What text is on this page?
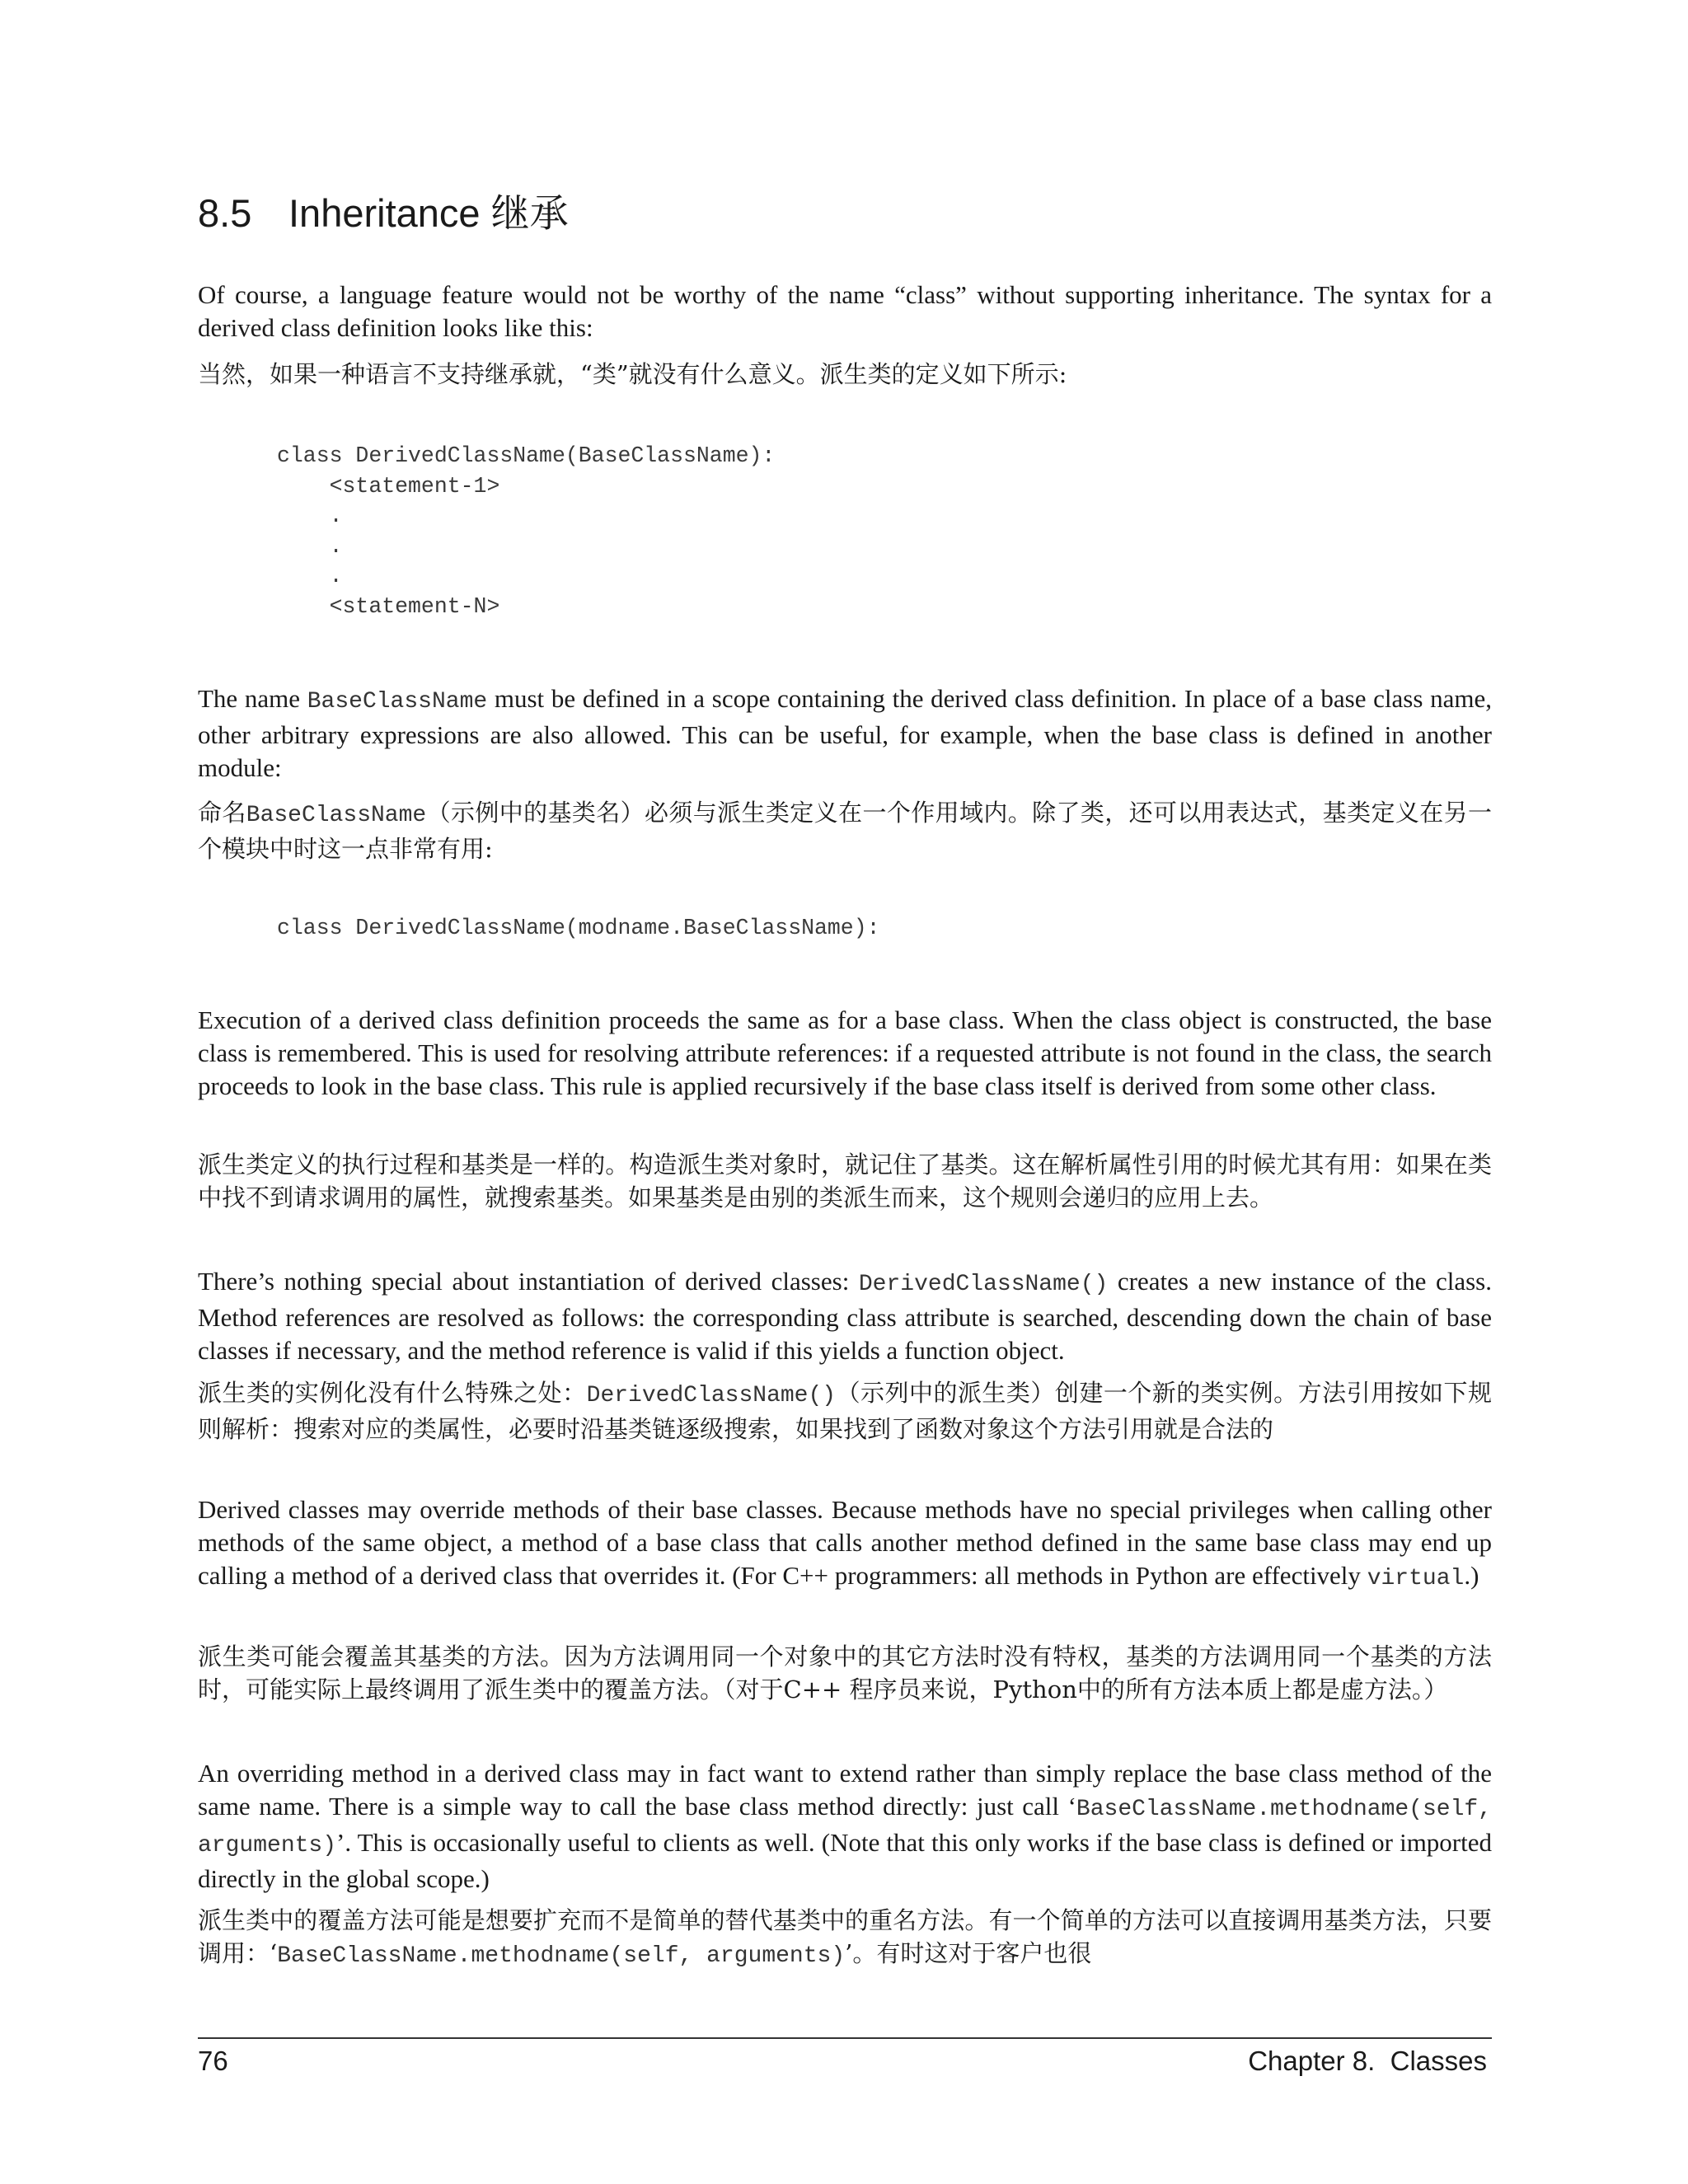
8.5 Inheritance 继承

Of course, a language feature would not be worthy of the name “class” without supporting inheritance. The syntax for a derived class definition looks like this:

当然，如果一种语言不支持继承就，“类”就没有什么意义。派生类的定义如下所示:

class DerivedClassName(BaseClassName):
<statement-1>
.
.
.
<statement-N>

The name BaseClassName must be defined in a scope containing the derived class definition. In place of a base class name, other arbitrary expressions are also allowed. This can be useful, for example, when the base class is defined in another module:

命名BaseClassName（示例中的基类名）必须与派生类定义在一个作用域内。除了类，还可以用表达式，基类定义在另一个模块中时这一点非常有用:

class DerivedClassName(modname.BaseClassName):

Execution of a derived class definition proceeds the same as for a base class. When the class object is constructed, the base class is remembered. This is used for resolving attribute references: if a requested attribute is not found in the class, the search proceeds to look in the base class. This rule is applied recursively if the base class itself is derived from some other class.

派生类定义的执行过程和基类是一样的。构造派生类对象时，就记住了基类。这在解析属性引用的时候尤其有用：如果在类中找不到请求调用的属性，就搜索基类。如果基类是由别的类派生而来，这个规则会递归的应用上去。

There’s nothing special about instantiation of derived classes: DerivedClassName() creates a new instance of the class. Method references are resolved as follows: the corresponding class attribute is searched, descending down the chain of base classes if necessary, and the method reference is valid if this yields a function object.

派生类的实例化没有什么特殊之处：DerivedClassName()（示列中的派生类）创建一个新的类实例。方法引用按如下规则解析：搜索对应的类属性，必要时沿基类链逐级搜索，如果找到了函数对象这个方法引用就是合法的

Derived classes may override methods of their base classes. Because methods have no special privileges when calling other methods of the same object, a method of a base class that calls another method defined in the same base class may end up calling a method of a derived class that overrides it. (For C++ programmers: all methods in Python are effectively virtual.)

派生类可能会覆盖其基类的方法。因为方法调用同一个对象中的其它方法时没有特权，基类的方法调用同一个基类的方法时，可能实际上最终调用了派生类中的覆盖方法。（对于C++ 程序员来说，Python中的所有方法本质上都是虚方法。）

An overriding method in a derived class may in fact want to extend rather than simply replace the base class method of the same name. There is a simple way to call the base class method directly: just call ‘BaseClassName.methodname(self, arguments)’. This is occasionally useful to clients as well. (Note that this only works if the base class is defined or imported directly in the global scope.)

派生类中的覆盖方法可能是想要扩充而不是简单的替代基类中的重名方法。有一个简单的方法可以直接调用基类方法，只要调用：‘BaseClassName.methodname(self, arguments)’。有时这对于客户也很

76	Chapter 8.  Classes
